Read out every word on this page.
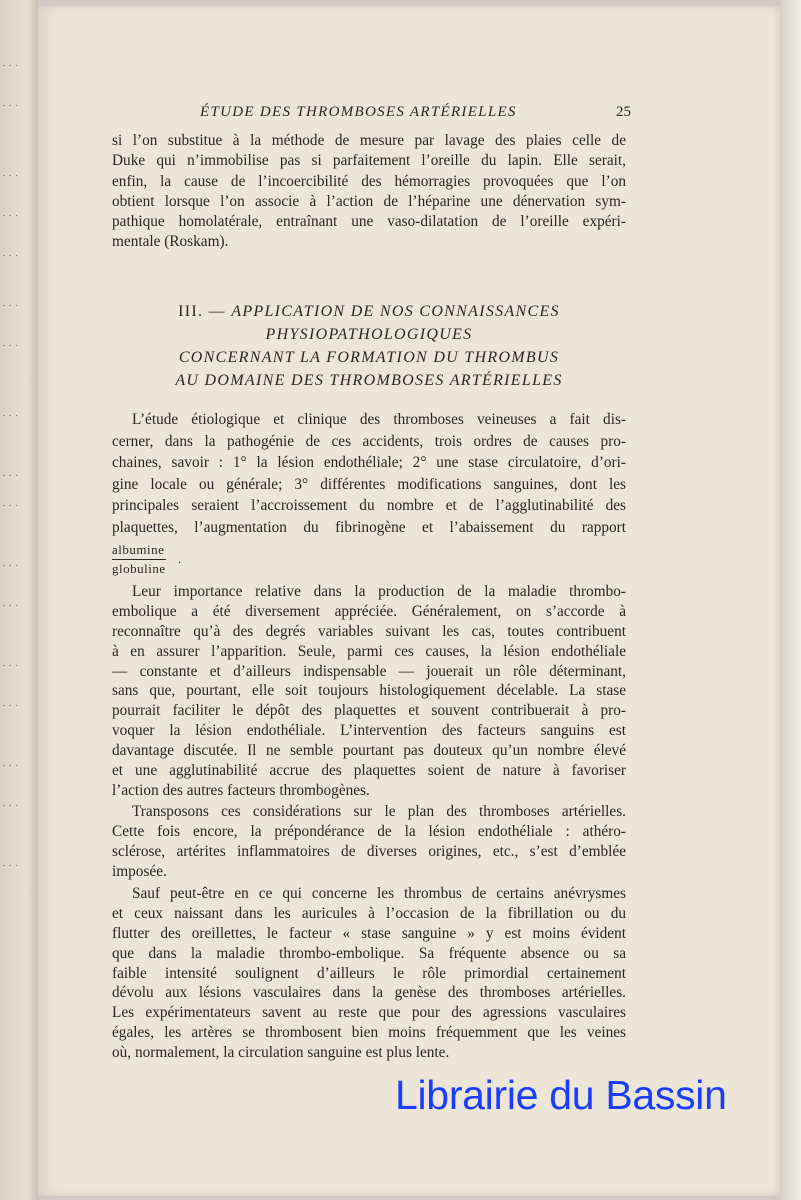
· · ·
· · ·
· · ·
· · ·
· · ·
· · ·
· · ·
· · ·
· · ·
· · ·
· · ·
· · ·
· · ·
· · ·
· · ·
· · ·
· · ·
ÉTUDE DES THROMBOSES ARTÉRIELLES	25
si l’on substitue à la méthode de mesure par lavage des plaies celle de
Duke qui n’immobilise pas si parfaitement l’oreille du lapin. Elle serait,
enfin, la cause de l’incoercibilité des hémorragies provoquées que l’on
obtient lorsque l’on associe à l’action de l’héparine une dénervation sym-
pathique homolatérale, entraînant une vaso-dilatation de l’oreille expéri-
mentale (Roskam).
III. — APPLICATION DE NOS CONNAISSANCES
PHYSIOPATHOLOGIQUES
CONCERNANT LA FORMATION DU THROMBUS
AU DOMAINE DES THROMBOSES ARTÉRIELLES
L’étude étiologique et clinique des thromboses veineuses a fait dis-
cerner, dans la pathogénie de ces accidents, trois ordres de causes pro-
chaines, savoir : 1° la lésion endothéliale; 2° une stase circulatoire, d’ori-
gine locale ou générale; 3° différentes modifications sanguines, dont les
principales seraient l’accroissement du nombre et de l’agglutinabilité des
plaquettes, l’augmentation du fibrinogène et l’abaissement du rapport
albumine
.
globuline
Leur importance relative dans la production de la maladie thrombo-
embolique a été diversement appréciée. Généralement, on s’accorde à
reconnaître qu’à des degrés variables suivant les cas, toutes contribuent
à en assurer l’apparition. Seule, parmi ces causes, la lésion endothéliale
— constante et d’ailleurs indispensable — jouerait un rôle déterminant,
sans que, pourtant, elle soit toujours histologiquement décelable. La stase
pourrait faciliter le dépôt des plaquettes et souvent contribuerait à pro-
voquer la lésion endothéliale. L’intervention des facteurs sanguins est
davantage discutée. Il ne semble pourtant pas douteux qu’un nombre élevé
et une agglutinabilité accrue des plaquettes soient de nature à favoriser
l’action des autres facteurs thrombogènes.
Transposons ces considérations sur le plan des thromboses artérielles.
Cette fois encore, la prépondérance de la lésion endothéliale : athéro-
sclérose, artérites inflammatoires de diverses origines, etc., s’est d’emblée
imposée.
Sauf peut-être en ce qui concerne les thrombus de certains anévrysmes
et ceux naissant dans les auricules à l’occasion de la fibrillation ou du
flutter des oreillettes, le facteur « stase sanguine » y est moins évident
que dans la maladie thrombo-embolique. Sa fréquente absence ou sa
faible intensité soulignent d’ailleurs le rôle primordial certainement
dévolu aux lésions vasculaires dans la genèse des thromboses artérielles.
Les expérimentateurs savent au reste que pour des agressions vasculaires
égales, les artères se thrombosent bien moins fréquemment que les veines
où, normalement, la circulation sanguine est plus lente.
Librairie du Bassin
